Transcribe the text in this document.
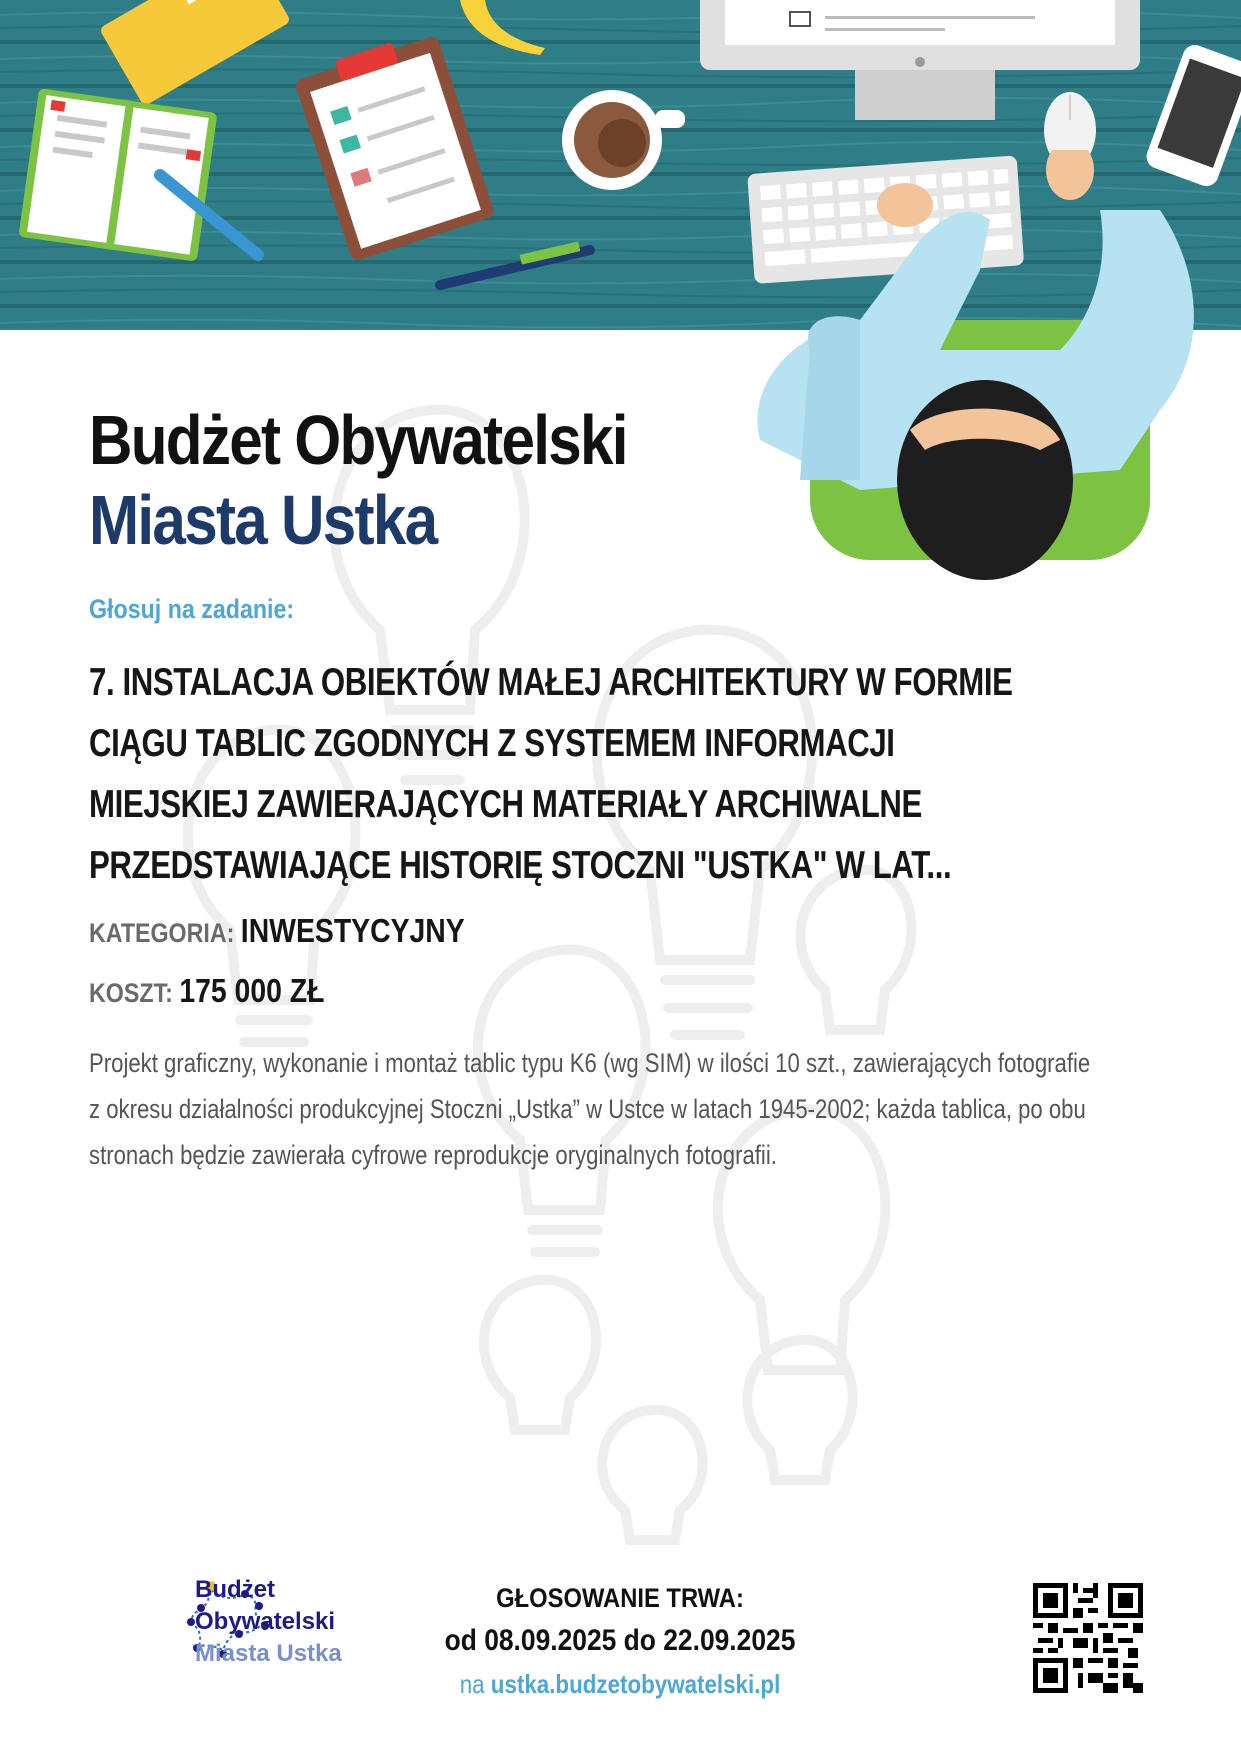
Budżet Obywatelski
Miasta Ustka
Głosuj na zadanie:
7. INSTALACJA OBIEKTÓW MAŁEJ ARCHITEKTURY W FORMIE CIĄGU TABLIC ZGODNYCH Z SYSTEMEM INFORMACJI MIEJSKIEJ ZAWIERAJĄCYCH MATERIAŁY ARCHIWALNE PRZEDSTAWIAJĄCE HISTORIĘ STOCZNI "USTKA" W LAT...
KATEGORIA: INWESTYCYJNY
KOSZT: 175 000 ZŁ
Projekt graficzny, wykonanie i montaż tablic typu K6 (wg SIM) w ilości 10 szt., zawierających fotografie z okresu działalności produkcyjnej Stoczni „Ustka” w Ustce w latach 1945-2002; każda tablica, po obu stronach będzie zawierała cyfrowe reprodukcje oryginalnych fotografii.
Budżet
Obywatelski
Miasta Ustka
GŁOSOWANIE TRWA:
od 08.09.2025 do 22.09.2025
na ustka.budzetobywatelski.pl
